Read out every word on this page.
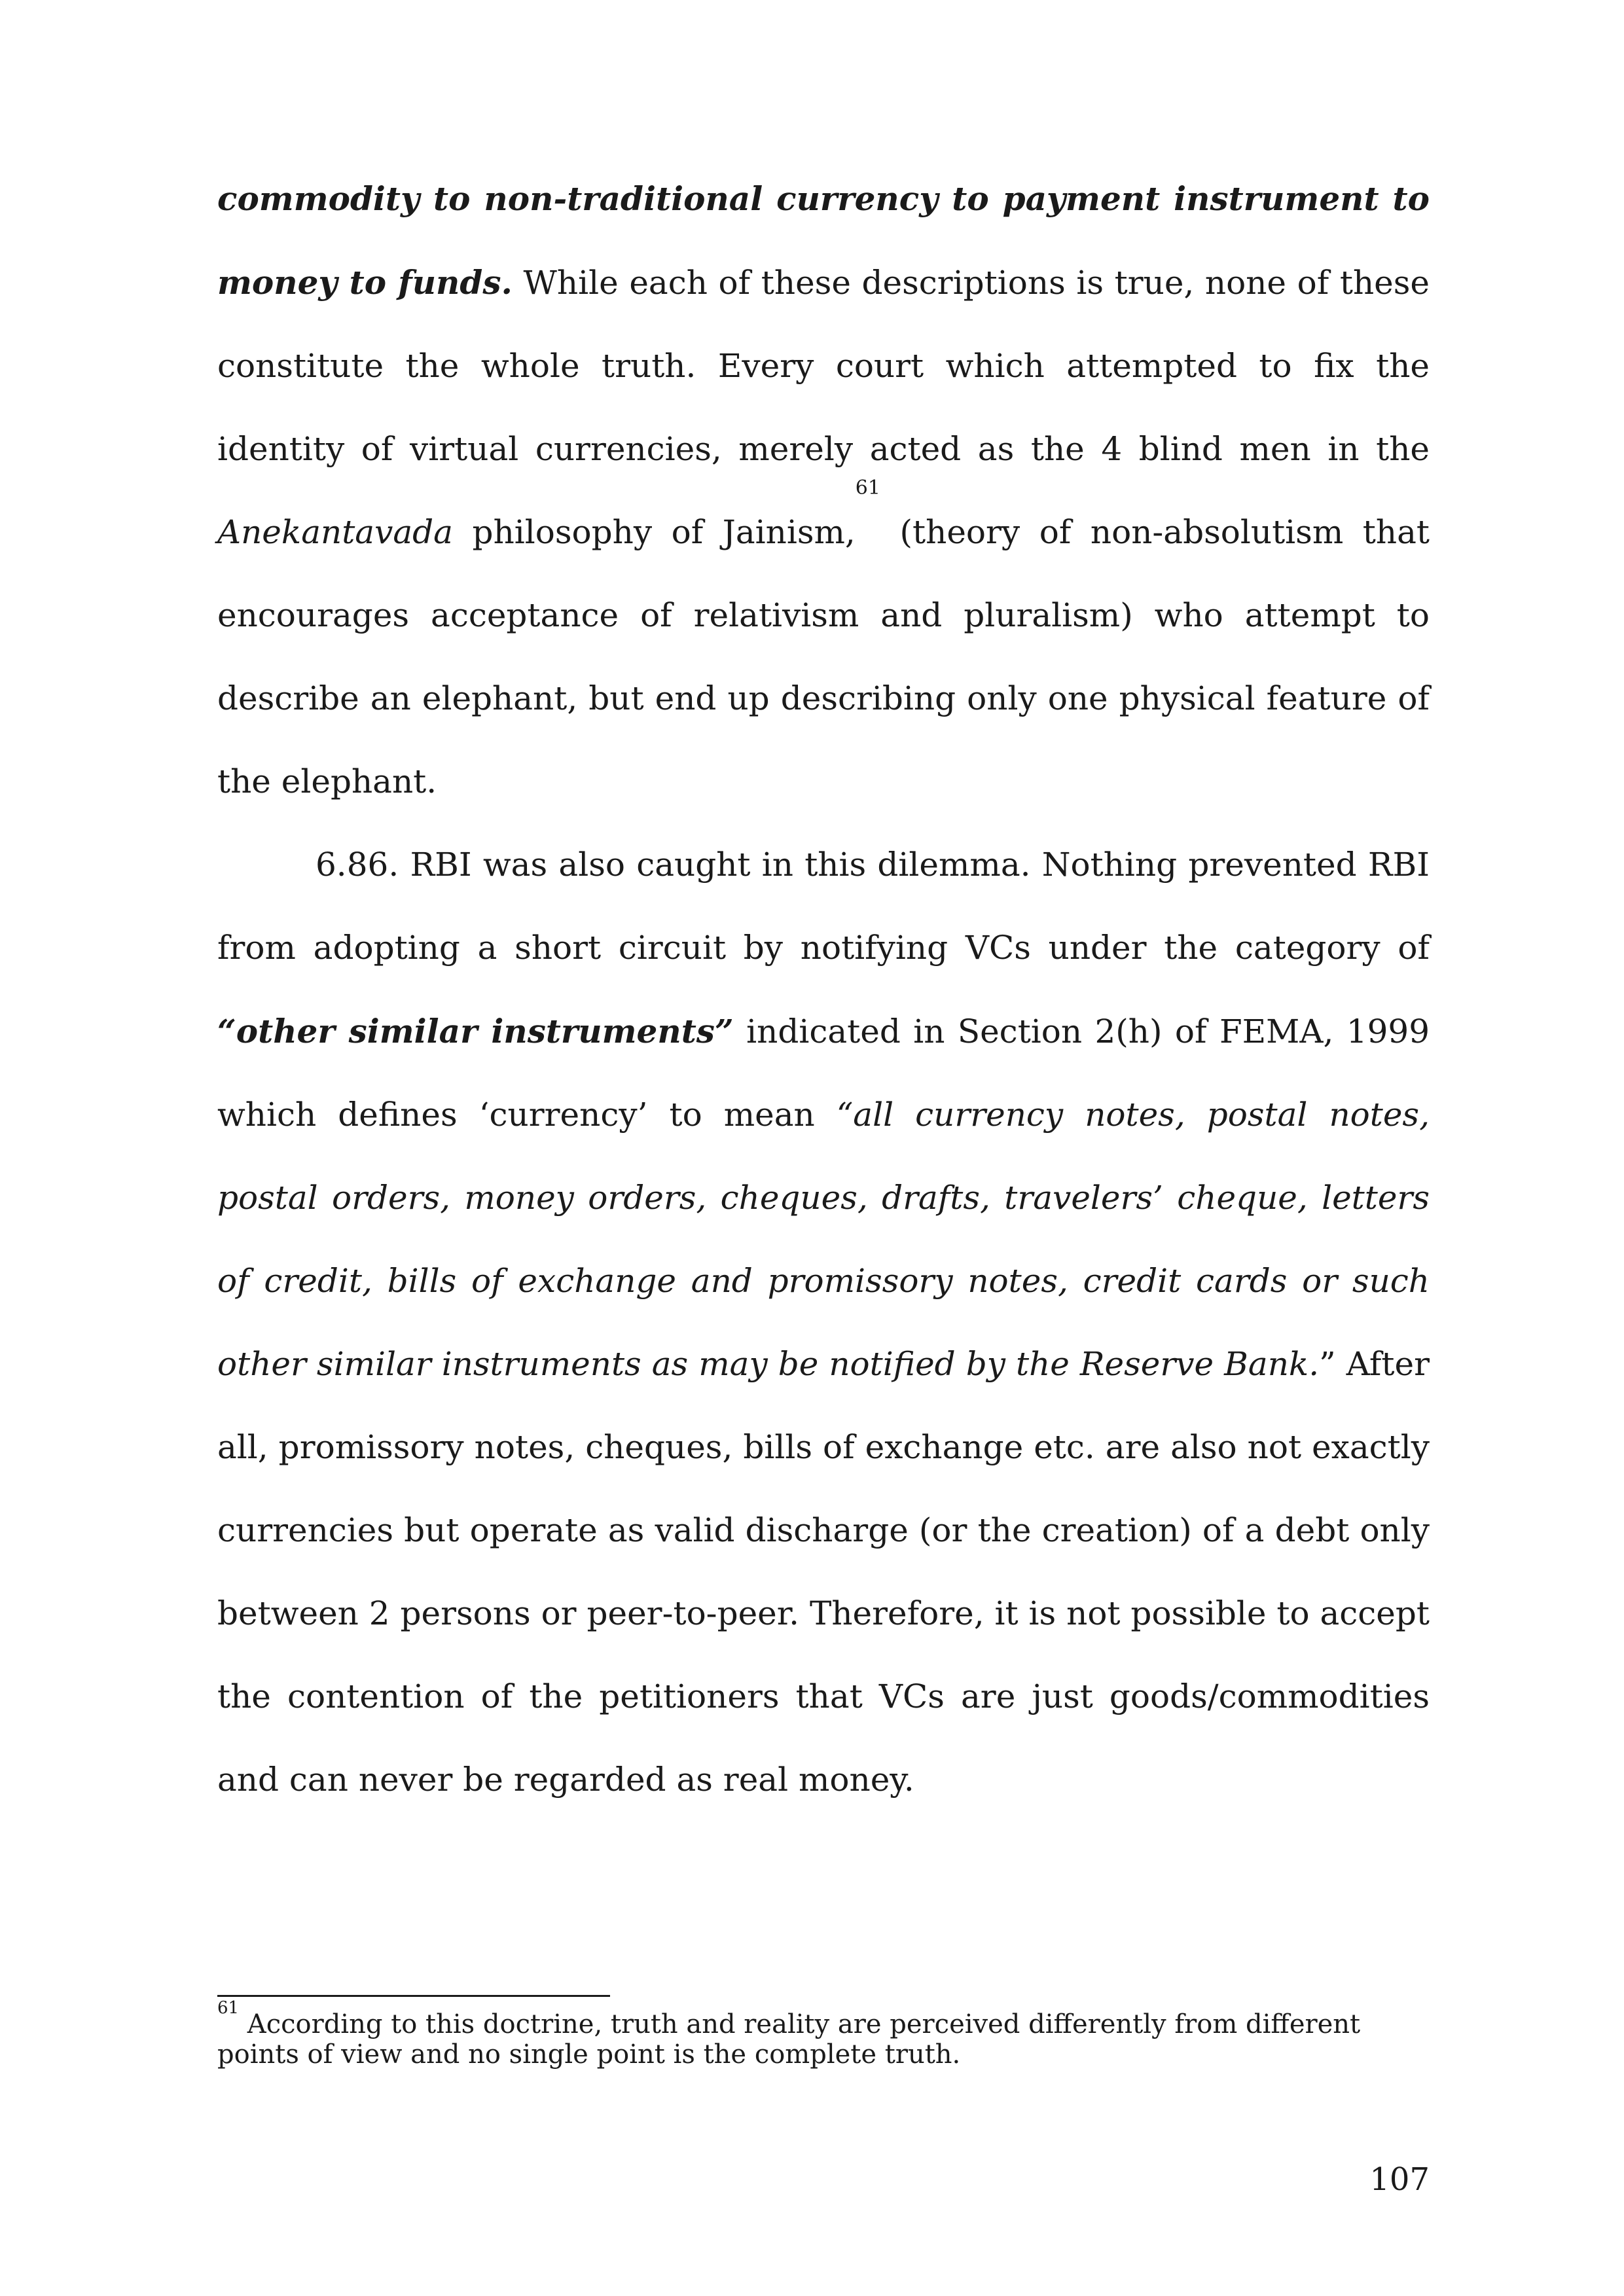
commodity to non-traditional currency to payment instrument to money to funds. While each of these descriptions is true, none of these constitute the whole truth. Every court which attempted to fix the identity of virtual currencies, merely acted as the 4 blind men in the Anekantavada philosophy of Jainism,$^{61}$ (theory of non-absolutism that encourages acceptance of relativism and pluralism) who attempt to describe an elephant, but end up describing only one physical feature of the elephant.

6.86. RBI was also caught in this dilemma. Nothing prevented RBI from adopting a short circuit by notifying VCs under the category of “other similar instruments” indicated in Section 2(h) of FEMA, 1999 which defines ‘currency’ to mean “all currency notes, postal notes, postal orders, money orders, cheques, drafts, travelers’ cheque, letters of credit, bills of exchange and promissory notes, credit cards or such other similar instruments as may be notified by the Reserve Bank.” After all, promissory notes, cheques, bills of exchange etc. are also not exactly currencies but operate as valid discharge (or the creation) of a debt only between 2 persons or peer-to-peer. Therefore, it is not possible to accept the contention of the petitioners that VCs are just goods/commodities and can never be regarded as real money.

$^{61}$ According to this doctrine, truth and reality are perceived differently from different points of view and no single point is the complete truth.

107
